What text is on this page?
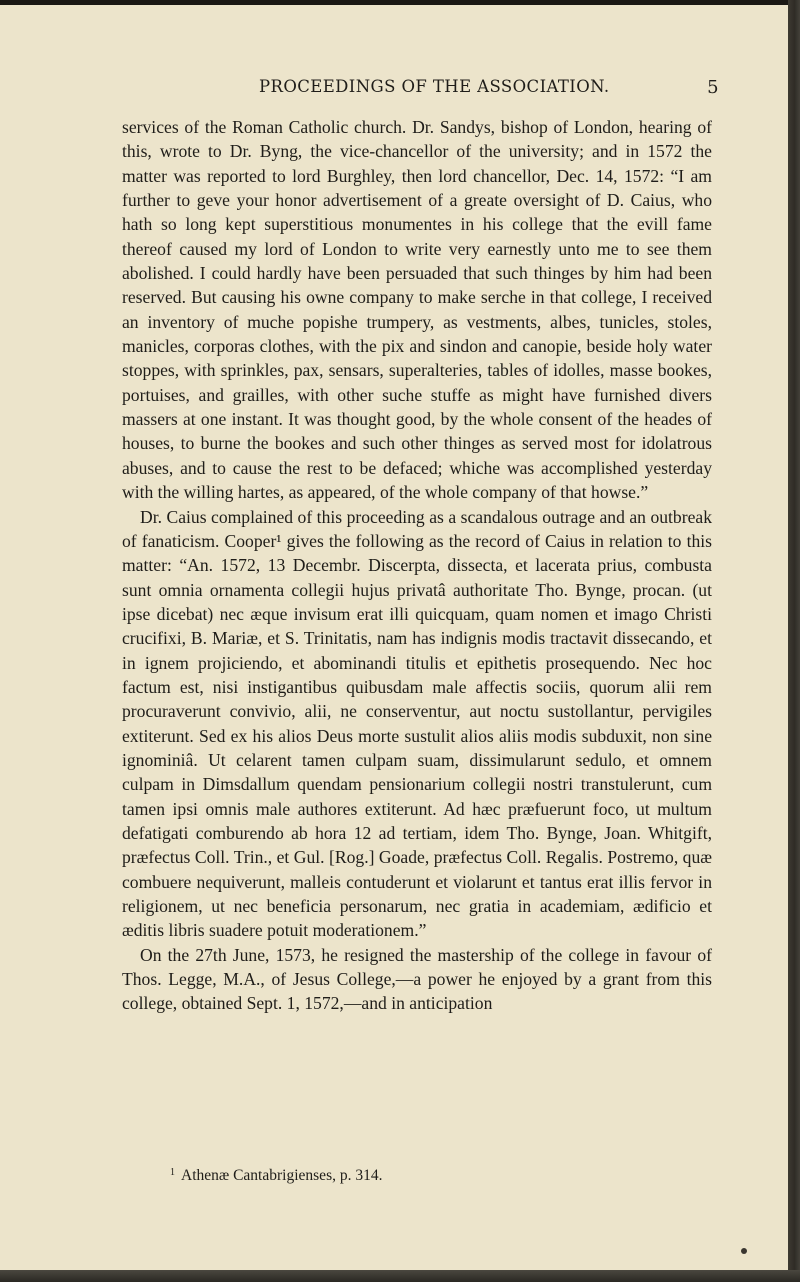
PROCEEDINGS OF THE ASSOCIATION.	5

services of the Roman Catholic church. Dr. Sandys, bishop of London, hearing of this, wrote to Dr. Byng, the vice-chancellor of the university; and in 1572 the matter was reported to lord Burghley, then lord chancellor, Dec. 14, 1572: “I am further to geve your honor advertisement of a greate oversight of D. Caius, who hath so long kept superstitious monumentes in his college that the evill fame thereof caused my lord of London to write very earnestly unto me to see them abolished. I could hardly have been persuaded that such thinges by him had been reserved. But causing his owne company to make serche in that college, I received an inventory of muche popishe trumpery, as vestments, albes, tunicles, stoles, manicles, corporas clothes, with the pix and sindon and canopie, beside holy water stoppes, with sprinkles, pax, sensars, superalteries, tables of idolles, masse bookes, portuises, and grailles, with other suche stuffe as might have furnished divers massers at one instant. It was thought good, by the whole consent of the heades of houses, to burne the bookes and such other thinges as served most for idolatrous abuses, and to cause the rest to be defaced; whiche was accomplished yesterday with the willing hartes, as appeared, of the whole company of that howse.”

Dr. Caius complained of this proceeding as a scandalous outrage and an outbreak of fanaticism. Cooper¹ gives the following as the record of Caius in relation to this matter: “An. 1572, 13 Decembr. Discerpta, dissecta, et lacerata prius, combusta sunt omnia ornamenta collegii hujus privatâ authoritate Tho. Bynge, procan. (ut ipse dicebat) nec æque invisum erat illi quicquam, quam nomen et imago Christi crucifixi, B. Mariæ, et S. Trinitatis, nam has indignis modis tractavit dissecando, et in ignem projiciendo, et abominandi titulis et epithetis prosequendo. Nec hoc factum est, nisi instigantibus quibusdam male affectis sociis, quorum alii rem procuraverunt convivio, alii, ne conserventur, aut noctu sustollantur, pervigiles extiterunt. Sed ex his alios Deus morte sustulit alios aliis modis subduxit, non sine ignominiâ. Ut celarent tamen culpam suam, dissimularunt sedulo, et omnem culpam in Dimsdallum quendam pensionarium collegii nostri transtulerunt, cum tamen ipsi omnis male authores extiterunt. Ad hæc præfuerunt foco, ut multum defatigati comburendo ab hora 12 ad tertiam, idem Tho. Bynge, Joan. Whitgift, præfectus Coll. Trin., et Gul. [Rog.] Goade, præfectus Coll. Regalis. Postremo, quæ combuere nequiverunt, malleis contuderunt et violarunt et tantus erat illis fervor in religionem, ut nec beneficia personarum, nec gratia in academiam, ædificio et æditis libris suadere potuit moderationem.”

On the 27th June, 1573, he resigned the mastership of the college in favour of Thos. Legge, M.A., of Jesus College,—a power he enjoyed by a grant from this college, obtained Sept. 1, 1572,—and in anticipation

$^1$ Athenæ Cantabrigienses, p. 314.
